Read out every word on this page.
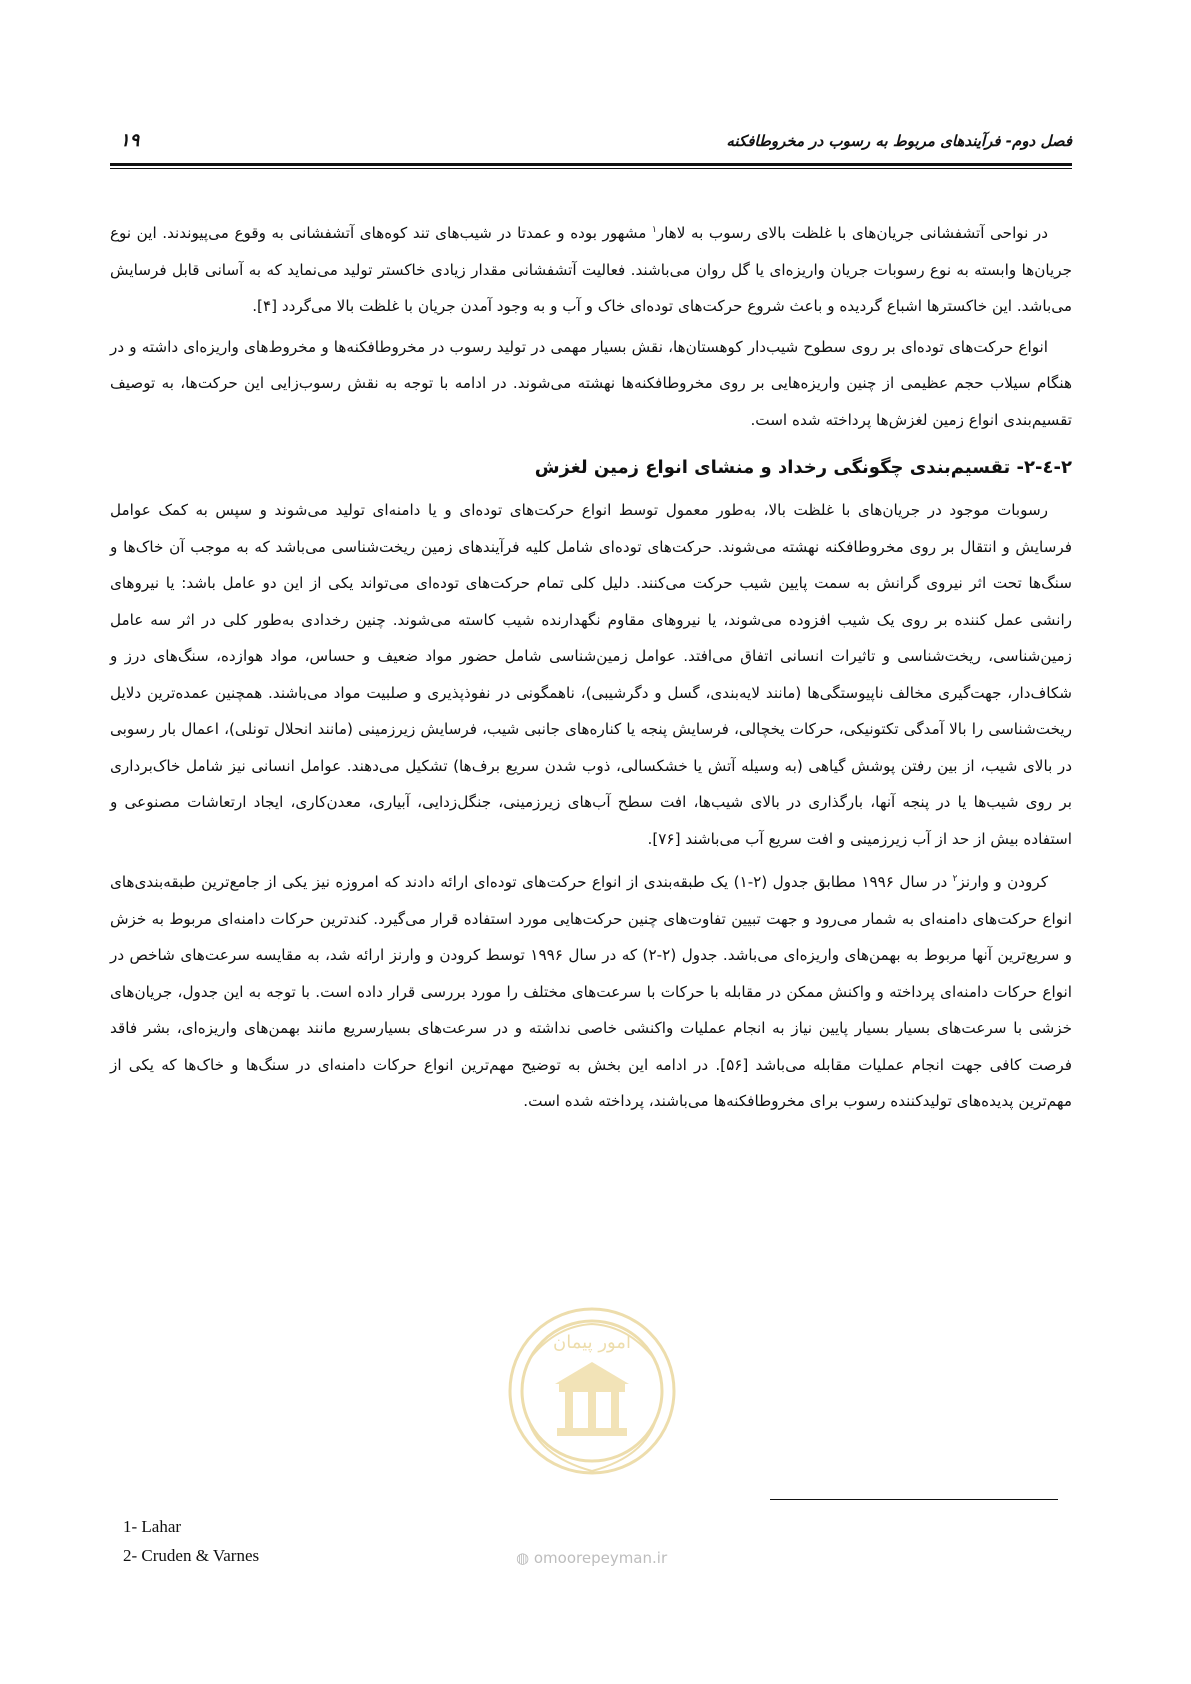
فصل دوم- فرآیندهای مربوط به رسوب در مخروطافکنه
۱۹

در نواحی آتشفشانی جریان‌های با غلظت بالای رسوب به لاهار$^۱$ مشهور بوده و عمدتا در شیب‌های تند کوه‌های آتشفشانی به وقوع می‌پیوندند. این نوع جریان‌ها وابسته به نوع رسوبات جریان واریزه‌ای یا گل روان می‌باشند. فعالیت آتشفشانی مقدار زیادی خاکستر تولید می‌نماید که به آسانی قابل فرسایش می‌باشد. این خاکسترها اشباع گردیده و باعث شروع حرکت‌های توده‌ای خاک و آب و به وجود آمدن جریان با غلظت بالا می‌گردد [۴].

انواع حرکت‌های توده‌ای بر روی سطوح شیب‌دار کوهستان‌ها، نقش بسیار مهمی در تولید رسوب در مخروطافکنه‌ها و مخروط‌های واریزه‌ای داشته و در هنگام سیلاب حجم عظیمی از چنین واریزه‌هایی بر روی مخروطافکنه‌ها نهشته می‌شوند. در ادامه با توجه به نقش رسوب‌زایی این حرکت‌ها، به توصیف تقسیم‌بندی انواع زمین لغزش‌ها پرداخته شده است.

۲-٤-۲- تقسیم‌بندی چگونگی رخداد و منشای انواع زمین لغزش

رسوبات موجود در جریان‌های با غلظت بالا، به‌طور معمول توسط انواع حرکت‌های توده‌ای و یا دامنه‌ای تولید می‌شوند و سپس به کمک عوامل فرسایش و انتقال بر روی مخروطافکنه نهشته می‌شوند. حرکت‌های توده‌ای شامل کلیه فرآیندهای زمین ریخت‌شناسی می‌باشد که به موجب آن خاک‌ها و سنگ‌ها تحت اثر نیروی گرانش به سمت پایین شیب حرکت می‌کنند. دلیل کلی تمام حرکت‌های توده‌ای می‌تواند یکی از این دو عامل باشد: یا نیروهای رانشی عمل کننده بر روی یک شیب افزوده می‌شوند، یا نیروهای مقاوم نگهدارنده شیب کاسته می‌شوند. چنین رخدادی به‌طور کلی در اثر سه عامل زمین‌شناسی، ریخت‌شناسی و تاثیرات انسانی اتفاق می‌افتد. عوامل زمین‌شناسی شامل حضور مواد ضعیف و حساس، مواد هوازده، سنگ‌های درز و شکاف‌دار، جهت‌گیری مخالف ناپیوستگی‌ها (مانند لایه‌بندی، گسل و دگرشیبی)، ناهمگونی در نفوذپذیری و صلبیت مواد می‌باشند. همچنین عمده‌ترین دلایل ریخت‌شناسی را بالا آمدگی تکتونیکی، حرکات یخچالی، فرسایش پنجه یا کناره‌های جانبی شیب، فرسایش زیرزمینی (مانند انحلال تونلی)، اعمال بار رسوبی در بالای شیب، از بین رفتن پوشش گیاهی (به وسیله آتش یا خشکسالی، ذوب شدن سریع برف‌ها) تشکیل می‌دهند. عوامل انسانی نیز شامل خاک‌برداری بر روی شیب‌ها یا در پنجه آنها، بارگذاری در بالای شیب‌ها، افت سطح آب‌های زیرزمینی، جنگل‌زدایی، آبیاری، معدن‌کاری، ایجاد ارتعاشات مصنوعی و استفاده بیش از حد از آب زیرزمینی و افت سریع آب می‌باشند [۷۶].

کرودن و وارنز$^۲$ در سال ۱۹۹۶ مطابق جدول (۲-۱) یک طبقه‌بندی از انواع حرکت‌های توده‌ای ارائه دادند که امروزه نیز یکی از جامع‌ترین طبقه‌بندی‌های انواع حرکت‌های دامنه‌ای به شمار می‌رود و جهت تبیین تفاوت‌های چنین حرکت‌هایی مورد استفاده قرار می‌گیرد. کندترین حرکات دامنه‌ای مربوط به خزش و سریع‌ترین آنها مربوط به بهمن‌های واریزه‌ای می‌باشد. جدول (۲-۲) که در سال ۱۹۹۶ توسط کرودن و وارنز ارائه شد، به مقایسه سرعت‌های شاخص در انواع حرکات دامنه‌ای پرداخته و واکنش ممکن در مقابله با حرکات با سرعت‌های مختلف را مورد بررسی قرار داده است. با توجه به این جدول، جریان‌های خزشی با سرعت‌های بسیار بسیار پایین نیاز به انجام عملیات واکنشی خاصی نداشته و در سرعت‌های بسیارسریع مانند بهمن‌های واریزه‌ای، بشر فاقد فرصت کافی جهت انجام عملیات مقابله می‌باشد [۵۶]. در ادامه این بخش به توضیح مهم‌ترین انواع حرکات دامنه‌ای در سنگ‌ها و خاک‌ها که یکی از مهم‌ترین پدیده‌های تولیدکننده رسوب برای مخروطافکنه‌ها می‌باشند، پرداخته شده است.

امور پیمان
1- Lahar
2- Cruden & Varnes	◍ omoorepeyman.ir
